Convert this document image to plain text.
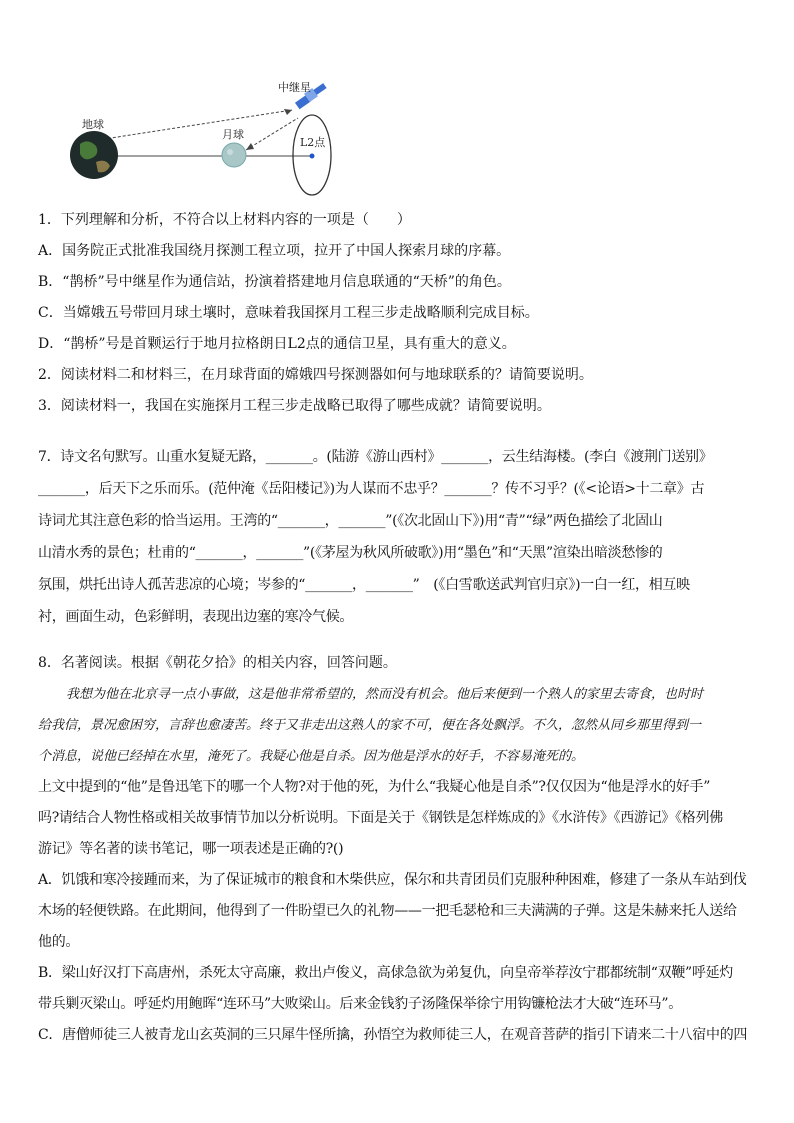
地球
月球
中继星
L2点
1．下列理解和分析，不符合以上材料内容的一项是（　　）
A．国务院正式批准我国绕月探测工程立项，拉开了中国人探索月球的序幕。
B．“鹊桥”号中继星作为通信站，扮演着搭建地月信息联通的“天桥”的角色。
C．当嫦娥五号带回月球土壤时，意味着我国探月工程三步走战略顺利完成目标。
D．“鹊桥”号是首颗运行于地月拉格朗日L2点的通信卫星，具有重大的意义。
2．阅读材料二和材料三，在月球背面的嫦娥四号探测器如何与地球联系的？请简要说明。
3．阅读材料一，我国在实施探月工程三步走战略已取得了哪些成就？请简要说明。
7．诗文名句默写。山重水复疑无路，_______。(陆游《游山西村》_______，云生结海楼。(李白《渡荆门送别》
_______，后天下之乐而乐。(范仲淹《岳阳楼记》)为人谋而不忠乎？_______？传不习乎？(《<论语>十二章》古
诗词尤其注意色彩的恰当运用。王湾的“_______，_______”(《次北固山下》)用“青”“绿”两色描绘了北固山
山清水秀的景色；杜甫的“_______，_______”(《茅屋为秋风所破歌》)用“墨色”和“天黑”渲染出暗淡愁惨的
氛围，烘托出诗人孤苦悲凉的心境；岑参的“_______，_______”　(《白雪歌送武判官归京》)一白一红，相互映
衬，画面生动，色彩鲜明，表现出边塞的寒冷气候。
8．名著阅读。根据《朝花夕拾》的相关内容，回答问题。
我想为他在北京寻一点小事做，这是他非常希望的，然而没有机会。他后来便到一个熟人的家里去寄食，也时时
给我信，景况愈困穷，言辞也愈凄苦。终于又非走出这熟人的家不可，便在各处飘浮。不久，忽然从同乡那里得到一
个消息，说他已经掉在水里，淹死了。我疑心他是自杀。因为他是浮水的好手，不容易淹死的。
上文中提到的“他”是鲁迅笔下的哪一个人物?对于他的死，为什么“我疑心他是自杀”?仅仅因为“他是浮水的好手”
吗?请结合人物性格或相关故事情节加以分析说明。下面是关于《钢铁是怎样炼成的》《水浒传》《西游记》《格列佛
游记》等名著的读书笔记，哪一项表述是正确的?()
A．饥饿和寒冷接踵而来，为了保证城市的粮食和木柴供应，保尔和共青团员们克服种种困难，修建了一条从车站到伐
木场的轻便铁路。在此期间，他得到了一件盼望已久的礼物——一把毛瑟枪和三夫满满的子弹。这是朱赫来托人送给
他的。
B．梁山好汉打下高唐州，杀死太守高廉，救出卢俊义，高俅急欲为弟复仇，向皇帝举荐汝宁郡都统制“双鞭”呼延灼
带兵剿灭梁山。呼延灼用鲍晖“连环马”大败梁山。后来金钱豹子汤隆保举徐宁用钩镰枪法才大破“连环马”。
C．唐僧师徒三人被青龙山玄英洞的三只犀牛怪所擒，孙悟空为救师徒三人，在观音菩萨的指引下请来二十八宿中的四
